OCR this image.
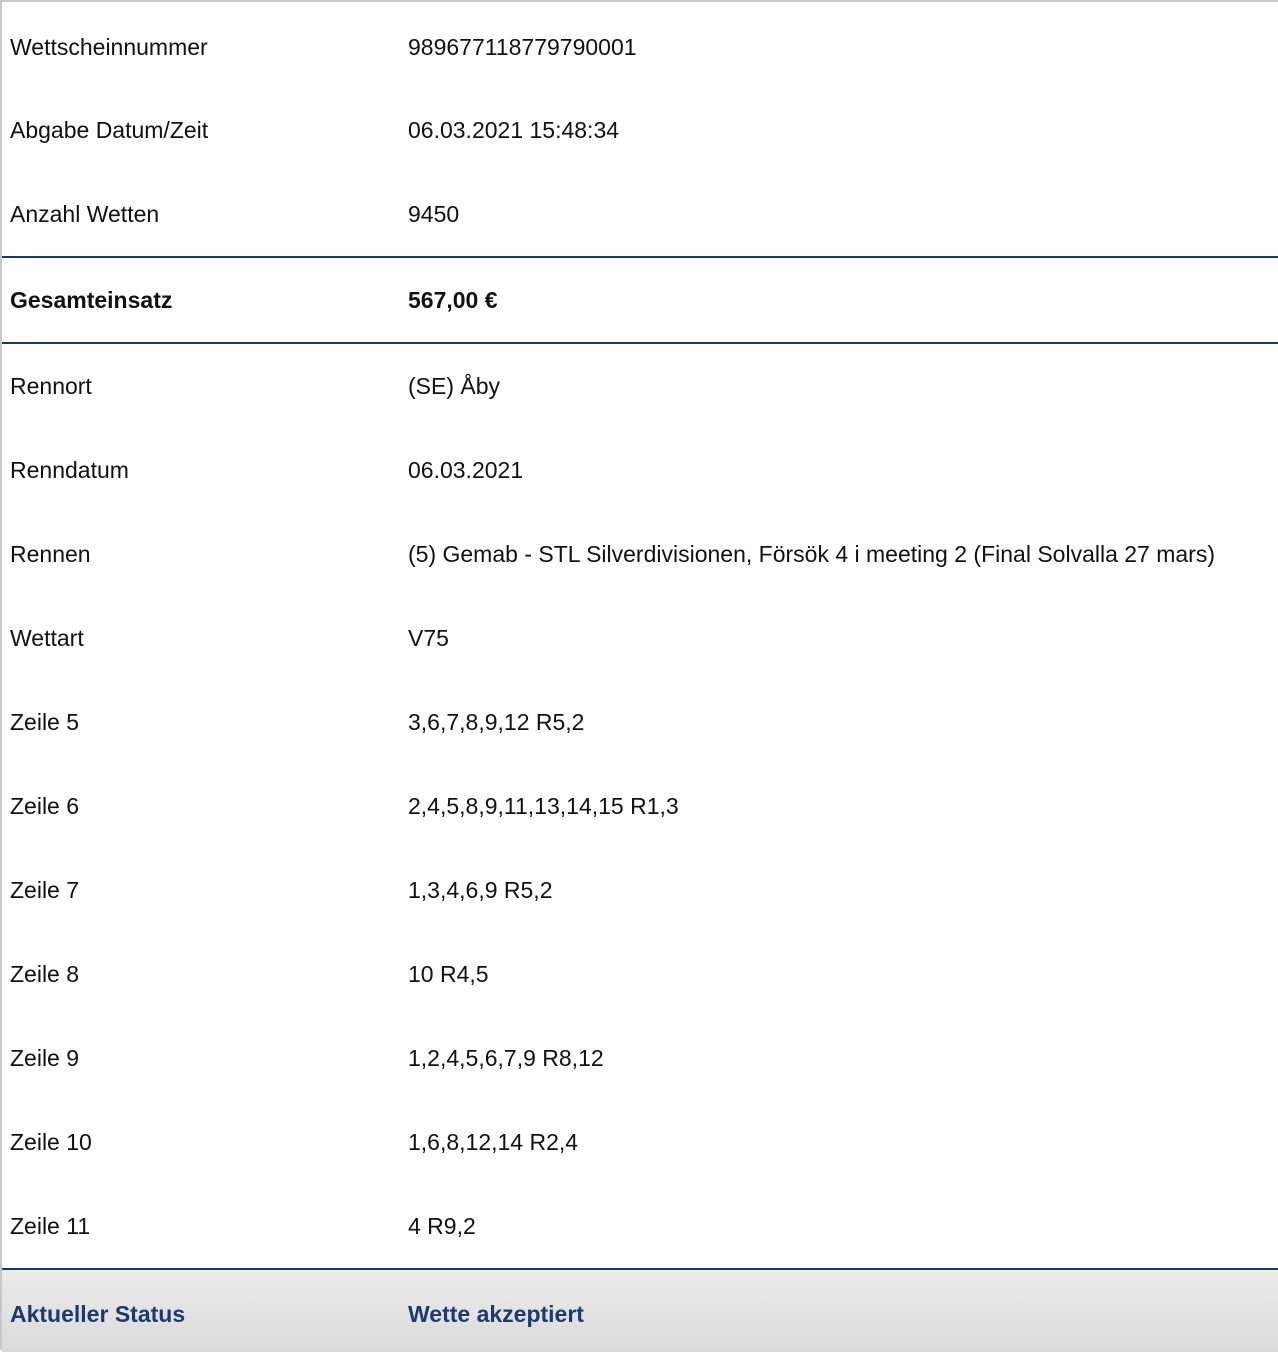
Wettscheinnummer	989677118779790001
Abgabe Datum/Zeit	06.03.2021 15:48:34
Anzahl Wetten	9450
Gesamteinsatz	567,00 €
Rennort	(SE) Åby
Renndatum	06.03.2021
Rennen	(5) Gemab - STL Silverdivisionen, Försök 4 i meeting 2 (Final Solvalla 27 mars)
Wettart	V75
Zeile 5	3,6,7,8,9,12 R5,2
Zeile 6	2,4,5,8,9,11,13,14,15 R1,3
Zeile 7	1,3,4,6,9 R5,2
Zeile 8	10 R4,5
Zeile 9	1,2,4,5,6,7,9 R8,12
Zeile 10	1,6,8,12,14 R2,4
Zeile 11	4 R9,2
Aktueller Status	Wette akzeptiert
